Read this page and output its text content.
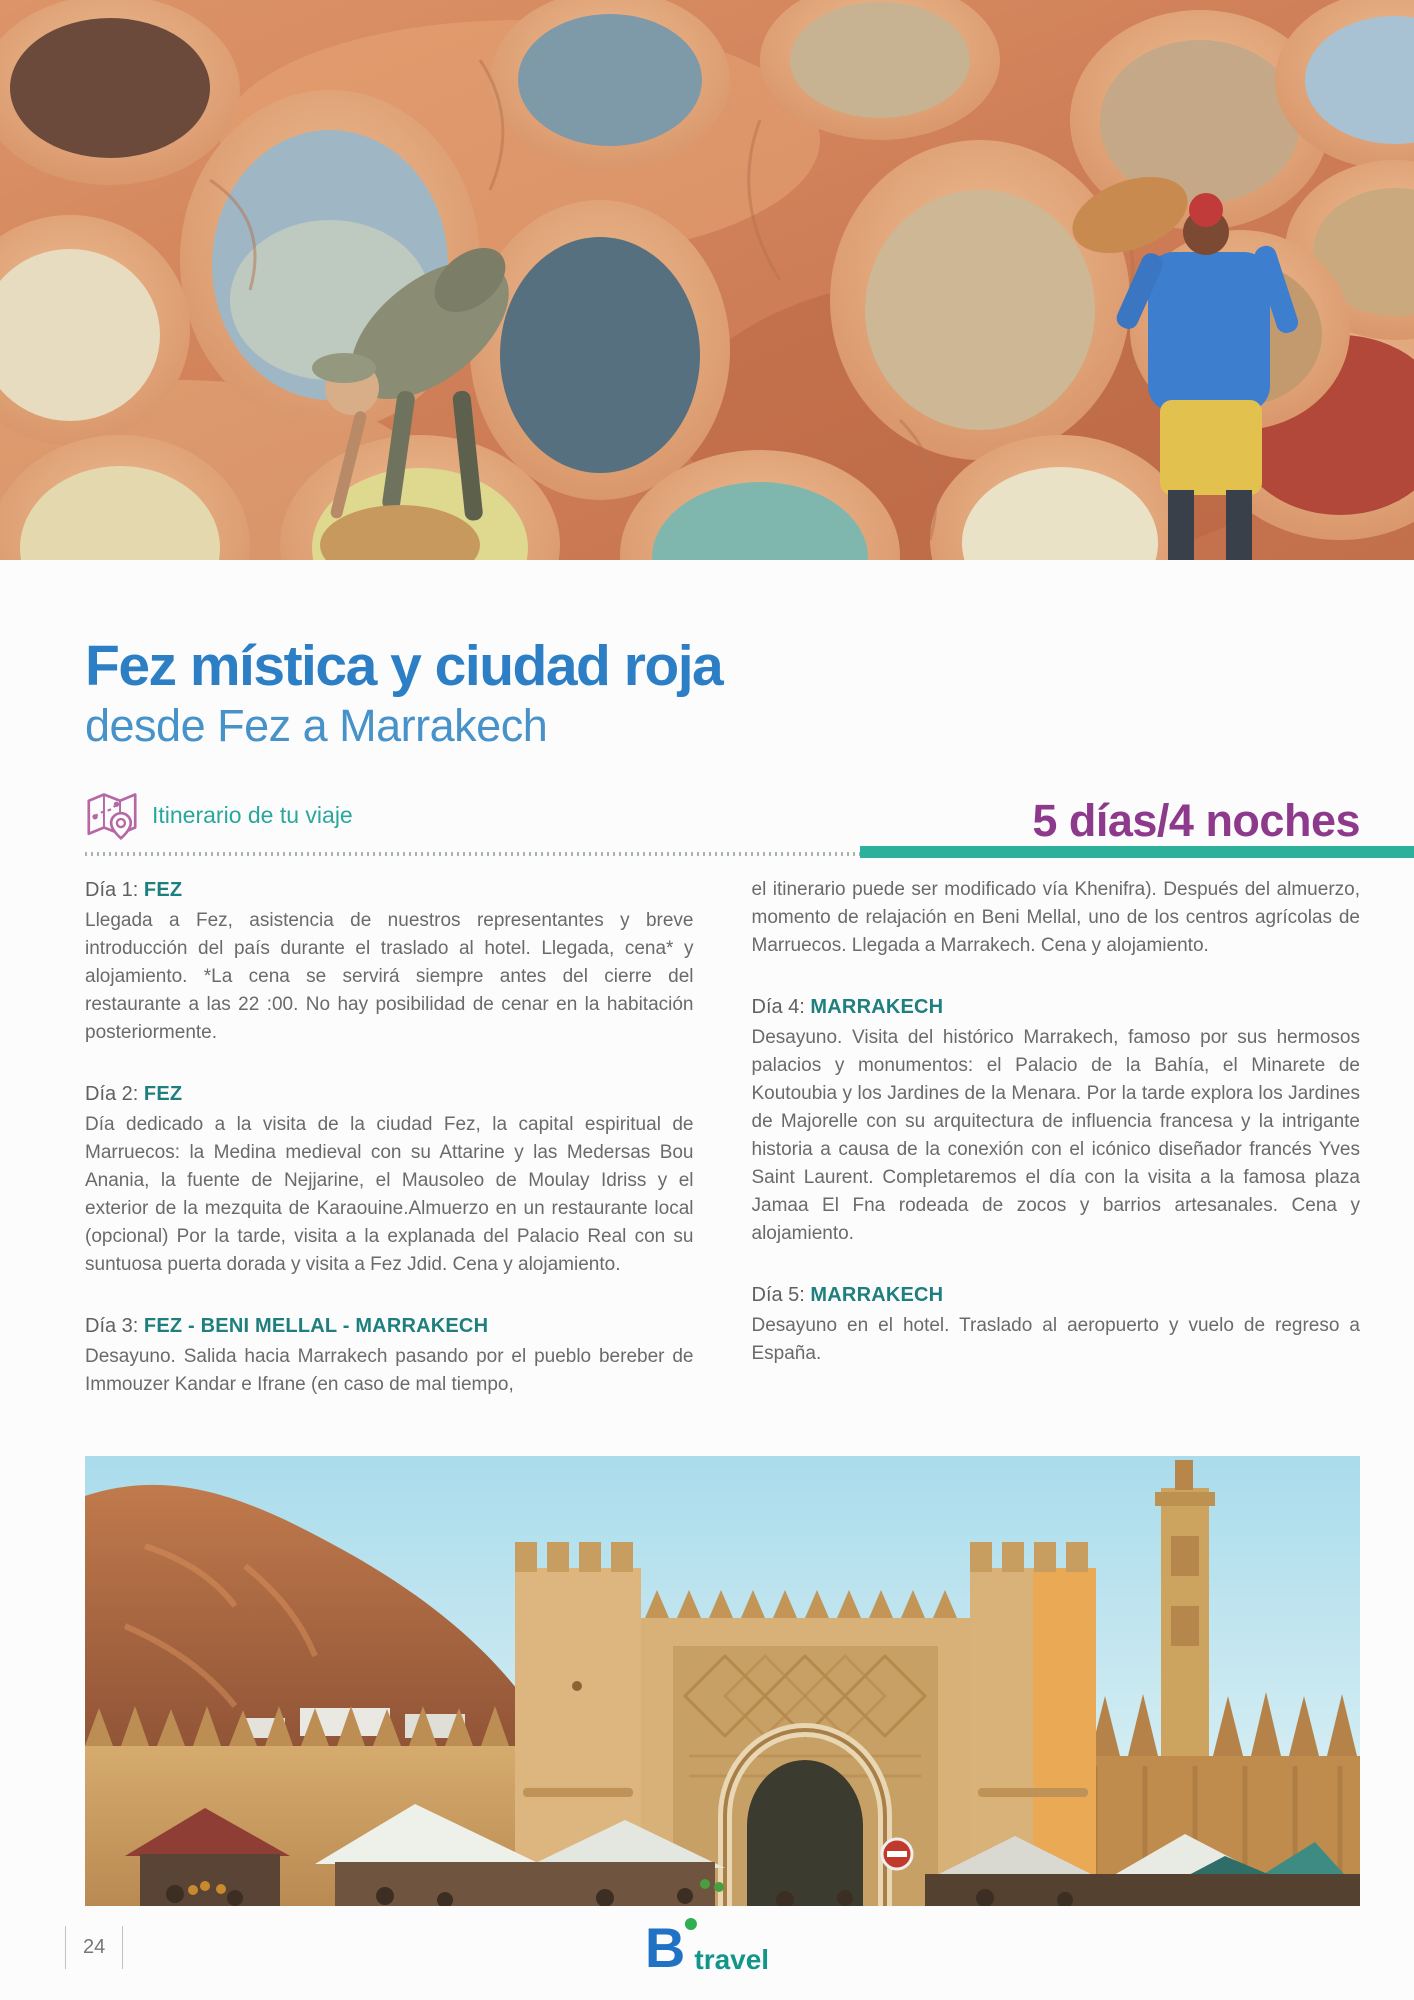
Fez mística y ciudad roja
desde Fez a Marrakech
Itinerario de tu viaje	5 días/4 noches
Día 1: FEZ
Llegada a Fez, asistencia de nuestros representantes y breve introducción del país durante el traslado al hotel. Llegada, cena* y alojamiento. *La cena se servirá siempre antes del cierre del restaurante a las 22 :00. No hay posibilidad de cenar en la habitación posteriormente.
Día 2: FEZ
Día dedicado a la visita de la ciudad Fez, la capital espiritual de Marruecos: la Medina medieval con su Attarine y las Medersas Bou Anania, la fuente de Nejjarine, el Mausoleo de Moulay Idriss y el exterior de la mezquita de Karaouine.Almuerzo en un restaurante local (opcional) Por la tarde, visita a la explanada del Palacio Real con su suntuosa puerta dorada y visita a Fez Jdid. Cena y alojamiento.
Día 3: FEZ - BENI MELLAL - MARRAKECH
Desayuno. Salida hacia Marrakech pasando por el pueblo bereber de Immouzer Kandar e Ifrane (en caso de mal tiempo,
el itinerario puede ser modificado vía Khenifra). Después del almuerzo, momento de relajación en Beni Mellal, uno de los centros agrícolas de Marruecos. Llegada a Marrakech. Cena y alojamiento.
Día 4: MARRAKECH
Desayuno. Visita del histórico Marrakech, famoso por sus hermosos palacios y monumentos: el Palacio de la Bahía, el Minarete de Koutoubia y los Jardines de la Menara. Por la tarde explora los Jardines de Majorelle con su arquitectura de influencia francesa y la intrigante historia a causa de la conexión con el icónico diseñador francés Yves Saint Laurent. Completaremos el día con la visita a la famosa plaza Jamaa El Fna rodeada de zocos y barrios artesanales. Cena y alojamiento.
Día 5: MARRAKECH
Desayuno en el hotel. Traslado al aeropuerto y vuelo de regreso a España.
24	B travel
